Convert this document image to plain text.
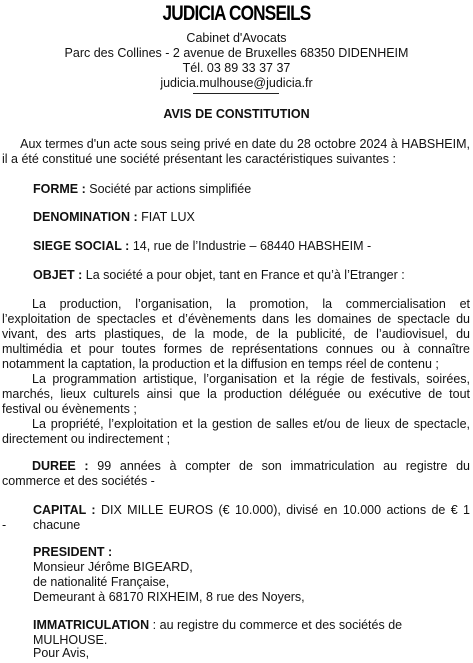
JUDICIA CONSEILS
Cabinet d'Avocats
Parc des Collines - 2 avenue de Bruxelles 68350 DIDENHEIM
Tél. 03 89 33 37 37
judicia.mulhouse@judicia.fr
AVIS DE CONSTITUTION
Aux termes d'un acte sous seing privé en date du 28 octobre 2024 à HABSHEIM,
il a été constitué une société présentant les caractéristiques suivantes :
FORME : Société par actions simplifiée
DENOMINATION : FIAT LUX
SIEGE SOCIAL : 14, rue de l’Industrie – 68440 HABSHEIM -
OBJET : La société a pour objet, tant en France et qu’à l’Etranger :
La production, l’organisation, la promotion, la commercialisation et l’exploitation de spectacles et d’évènements dans les domaines de spectacle du vivant, des arts plastiques, de la mode, de la publicité, de l’audiovisuel, du multimédia et pour toutes formes de représentations connues ou à connaître notamment la captation, la production et la diffusion en temps réel de contenu ;
La programmation artistique, l’organisation et la régie de festivals, soirées, marchés, lieux culturels ainsi que la production déléguée ou exécutive de tout festival ou évènements ;
La propriété, l’exploitation et la gestion de salles et/ou de lieux de spectacle, directement ou indirectement ;
DUREE : 99 années à compter de son immatriculation au registre du commerce et des sociétés -
CAPITAL : DIX MILLE EUROS (€ 10.000), divisé en 10.000 actions de € 1 chacune
-
PRESIDENT :
Monsieur Jérôme BIGEARD,
de nationalité Française,
Demeurant à 68170 RIXHEIM, 8 rue des Noyers,
IMMATRICULATION : au registre du commerce et des sociétés de MULHOUSE.
Pour Avis,
